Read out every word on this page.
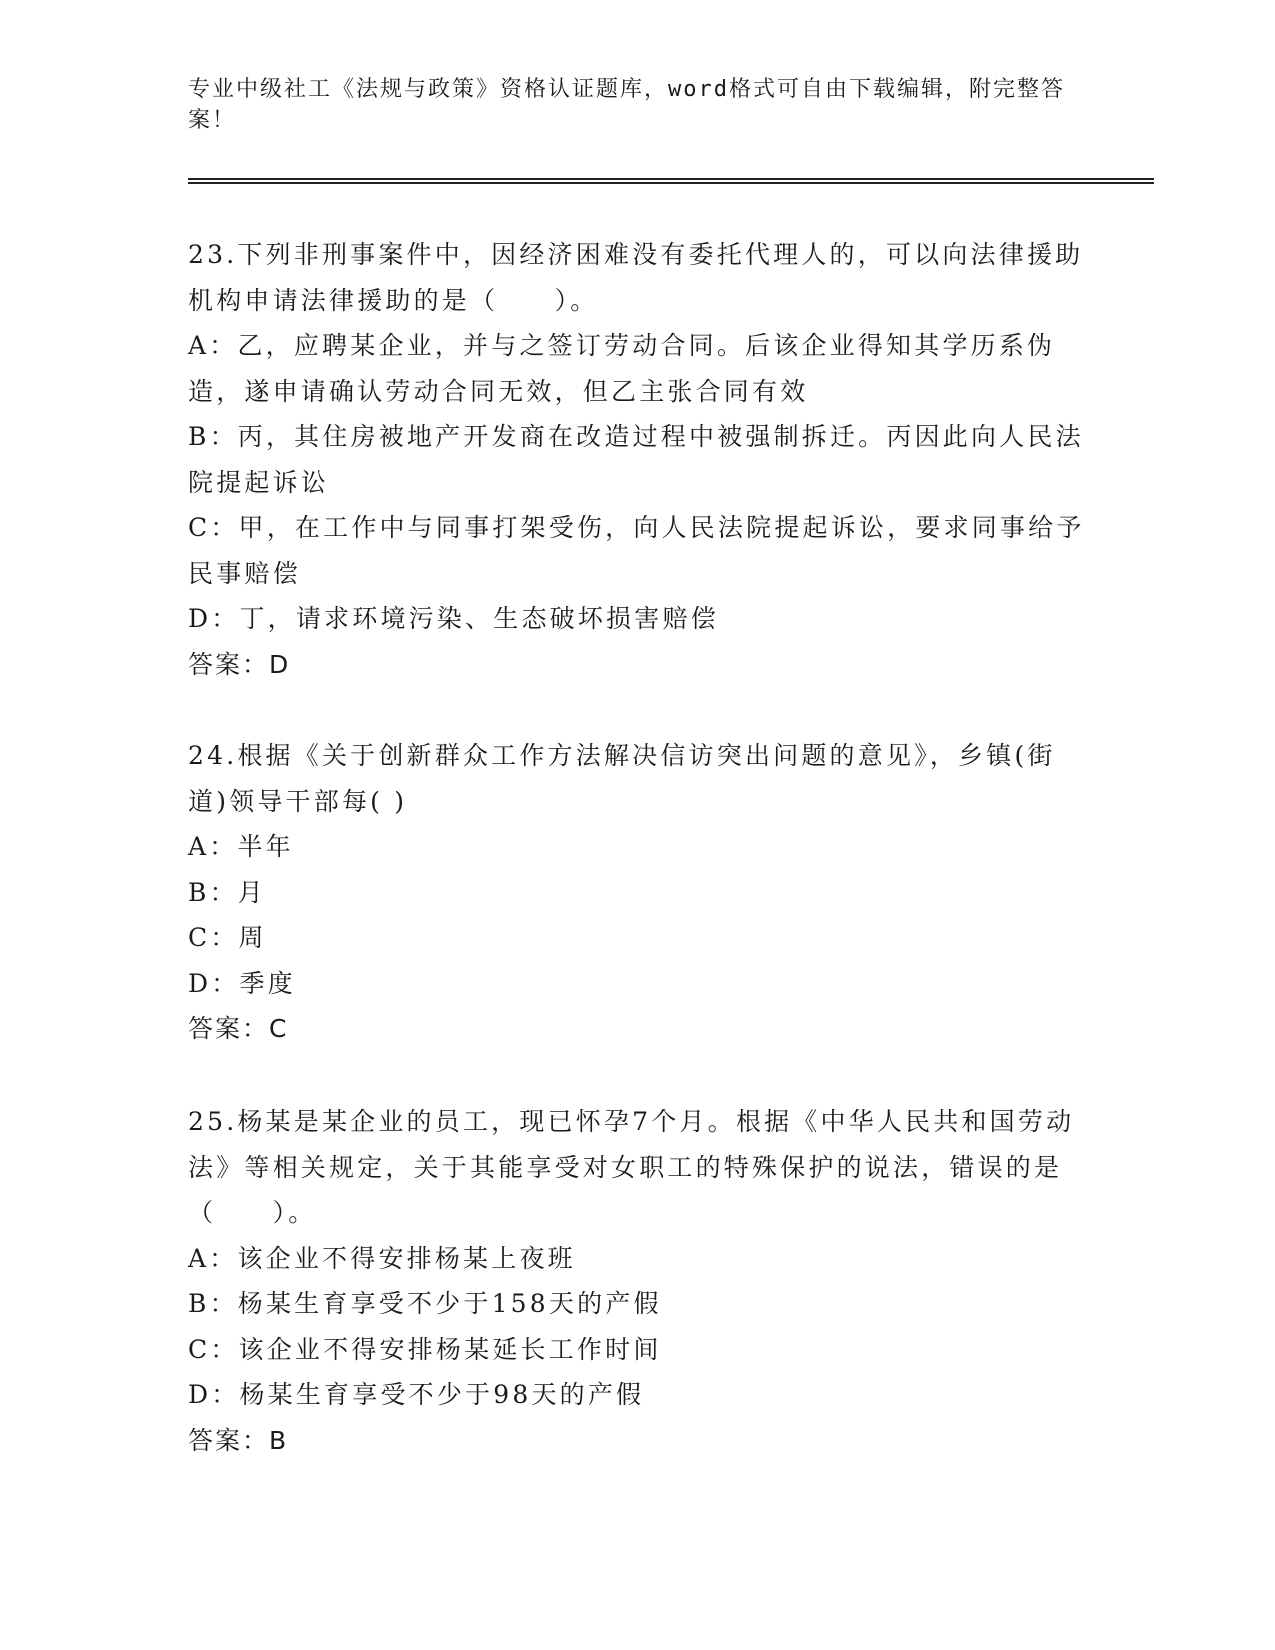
专业中级社工《法规与政策》资格认证题库，word格式可自由下载编辑，附完整答案！

23.下列非刑事案件中，因经济困难没有委托代理人的，可以向法律援助机构申请法律援助的是（　　）。

A：乙，应聘某企业，并与之签订劳动合同。后该企业得知其学历系伪造，遂申请确认劳动合同无效，但乙主张合同有效

B：丙，其住房被地产开发商在改造过程中被强制拆迁。丙因此向人民法院提起诉讼

C：甲，在工作中与同事打架受伤，向人民法院提起诉讼，要求同事给予民事赔偿

D：丁，请求环境污染、生态破坏损害赔偿

答案：D

24.根据《关于创新群众工作方法解决信访突出问题的意见》，乡镇(街道)领导干部每( )

A：半年

B：月

C：周

D：季度

答案：C

25.杨某是某企业的员工，现已怀孕7个月。根据《中华人民共和国劳动法》等相关规定，关于其能享受对女职工的特殊保护的说法，错误的是（　　）。

A：该企业不得安排杨某上夜班

B：杨某生育享受不少于158天的产假

C：该企业不得安排杨某延长工作时间

D：杨某生育享受不少于98天的产假

答案：B
